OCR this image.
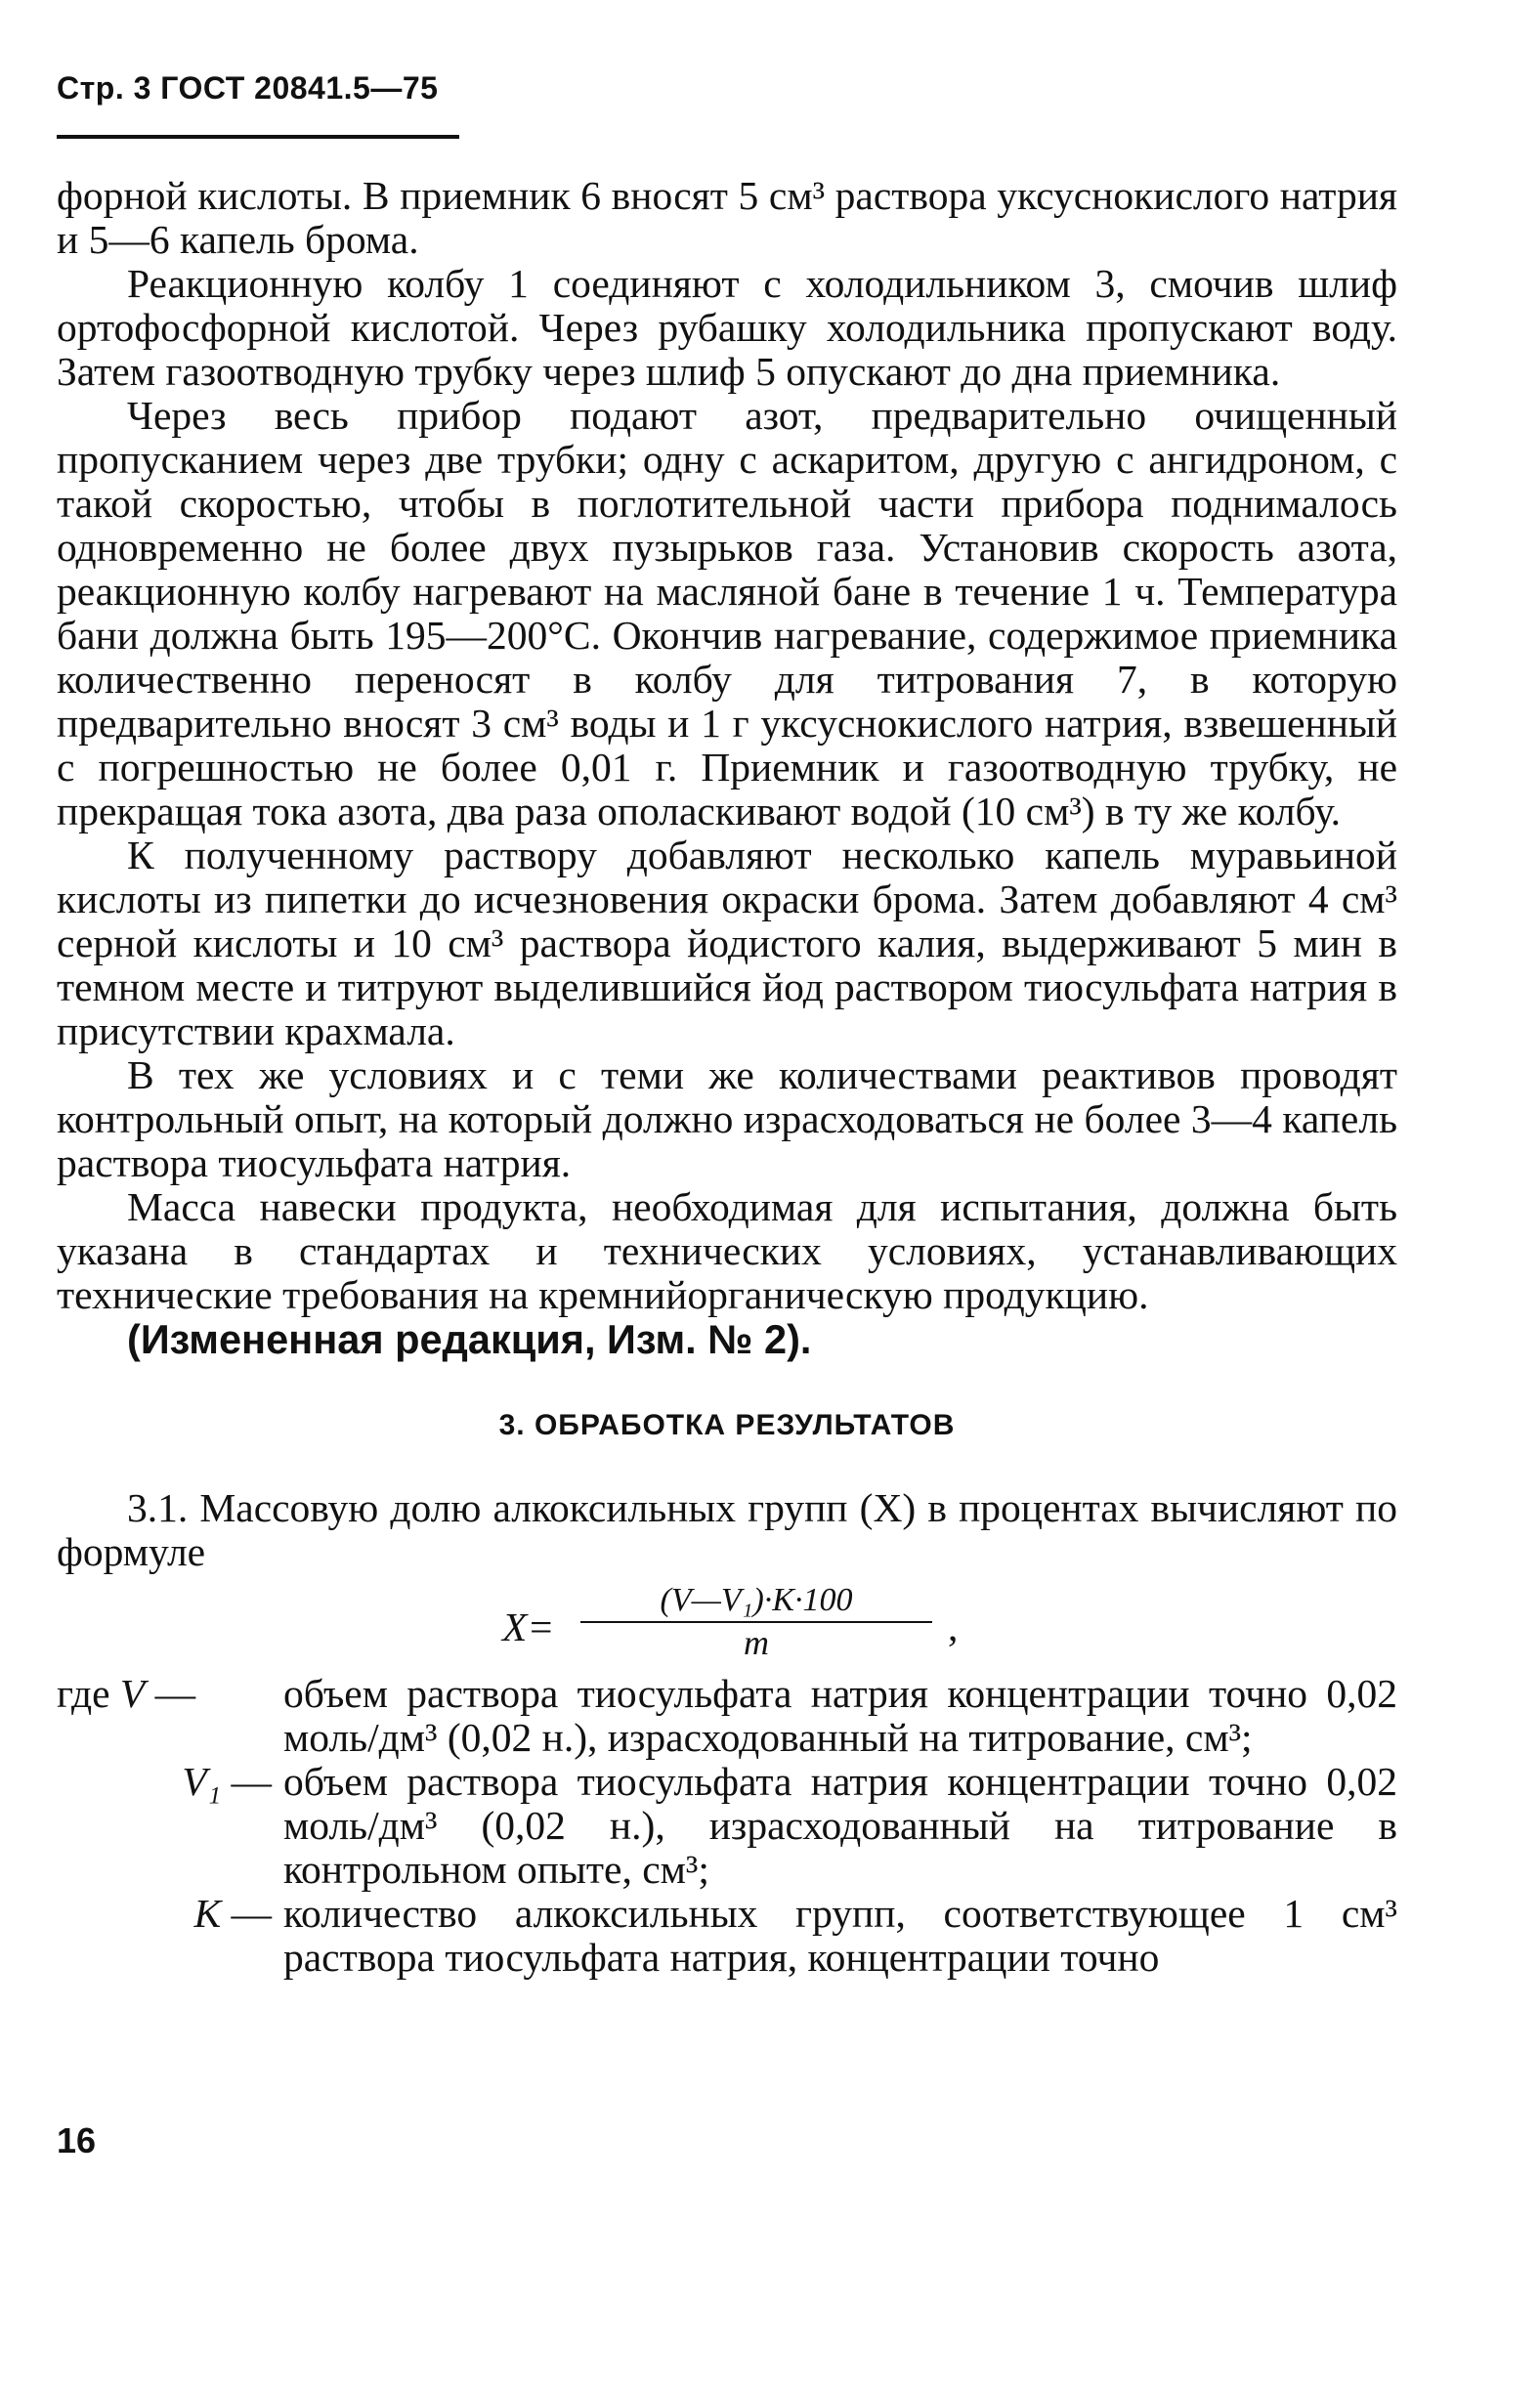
Стр. 3 ГОСТ 20841.5—75

форной кислоты. В приемник 6 вносят 5 см³ раствора уксуснокислого натрия и 5—6 капель брома.

Реакционную колбу 1 соединяют с холодильником 3, смочив шлиф ортофосфорной кислотой. Через рубашку холодильника пропускают воду. Затем газоотводную трубку через шлиф 5 опускают до дна приемника.

Через весь прибор подают азот, предварительно очищенный пропусканием через две трубки; одну с аскаритом, другую с ангидроном, с такой скоростью, чтобы в поглотительной части прибора поднималось одновременно не более двух пузырьков газа. Установив скорость азота, реакционную колбу нагревают на масляной бане в течение 1 ч. Температура бани должна быть 195—200°С. Окончив нагревание, содержимое приемника количественно переносят в колбу для титрования 7, в которую предварительно вносят 3 см³ воды и 1 г уксуснокислого натрия, взвешенный с погрешностью не более 0,01 г. Приемник и газоотводную трубку, не прекращая тока азота, два раза ополаскивают водой (10 см³) в ту же колбу.

К полученному раствору добавляют несколько капель муравьиной кислоты из пипетки до исчезновения окраски брома. Затем добавляют 4 см³ серной кислоты и 10 см³ раствора йодистого калия, выдерживают 5 мин в темном месте и титруют выделившийся йод раствором тиосульфата натрия в присутствии крахмала.

В тех же условиях и с теми же количествами реактивов проводят контрольный опыт, на который должно израсходоваться не более 3—4 капель раствора тиосульфата натрия.

Масса навески продукта, необходимая для испытания, должна быть указана в стандартах и технических условиях, устанавливающих технические требования на кремнийорганическую продукцию.

(Измененная редакция, Изм. № 2).

3. ОБРАБОТКА РЕЗУЛЬТАТОВ

3.1. Массовую долю алкоксильных групп (X) в процентах вычисляют по формуле

$X= \frac{\text{(V—V₁)·K·100}}{m}$ ,
где V —	объем раствора тиосульфата натрия концентрации точно 0,02 моль/дм³ (0,02 н.), израсходованный на титрование, см³;
V₁ — объем раствора тиосульфата натрия концентрации точно 0,02 моль/дм³ (0,02 н.), израсходованный на титрование в контрольном опыте, см³;
K — количество алкоксильных групп, соответствующее 1 см³ раствора тиосульфата натрия, концентрации точно
16
